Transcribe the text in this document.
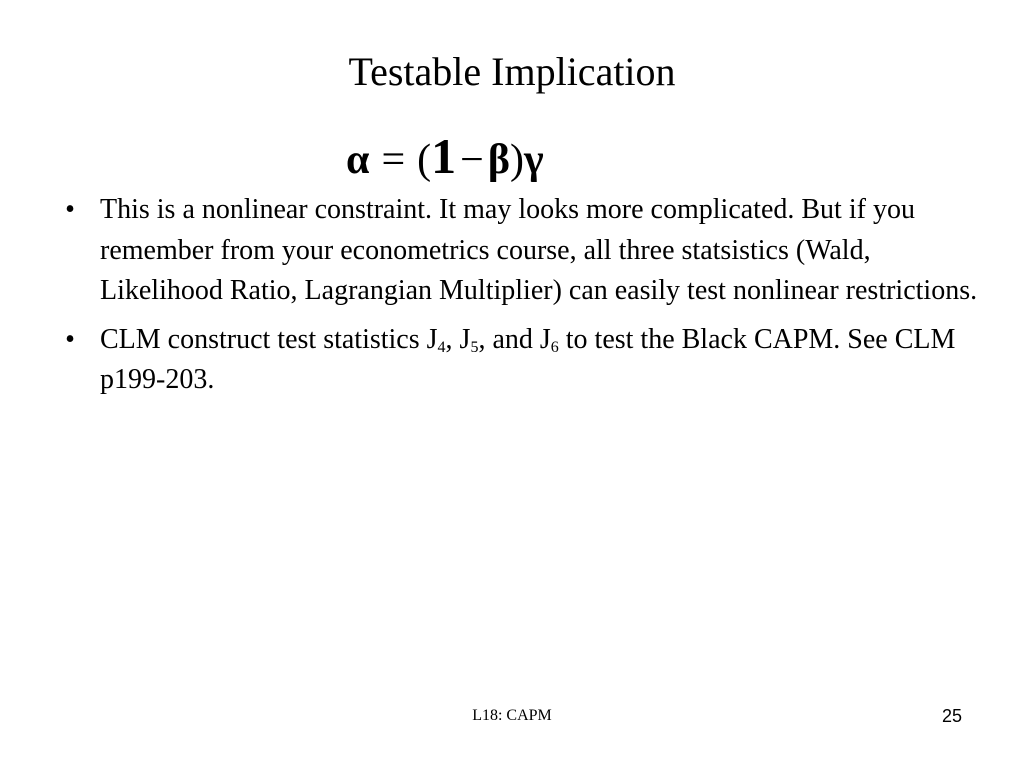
Testable Implication
α = (1−β)γ
• This is a nonlinear constraint. It may looks more complicated. But if you remember from your econometrics course, all three statsistics (Wald, Likelihood Ratio, Lagrangian Multiplier) can easily test nonlinear restrictions.
• CLM construct test statistics $J_4$, $J_5$, and $J_6$ to test the Black CAPM. See CLM p199-203.
L18: CAPM	25
